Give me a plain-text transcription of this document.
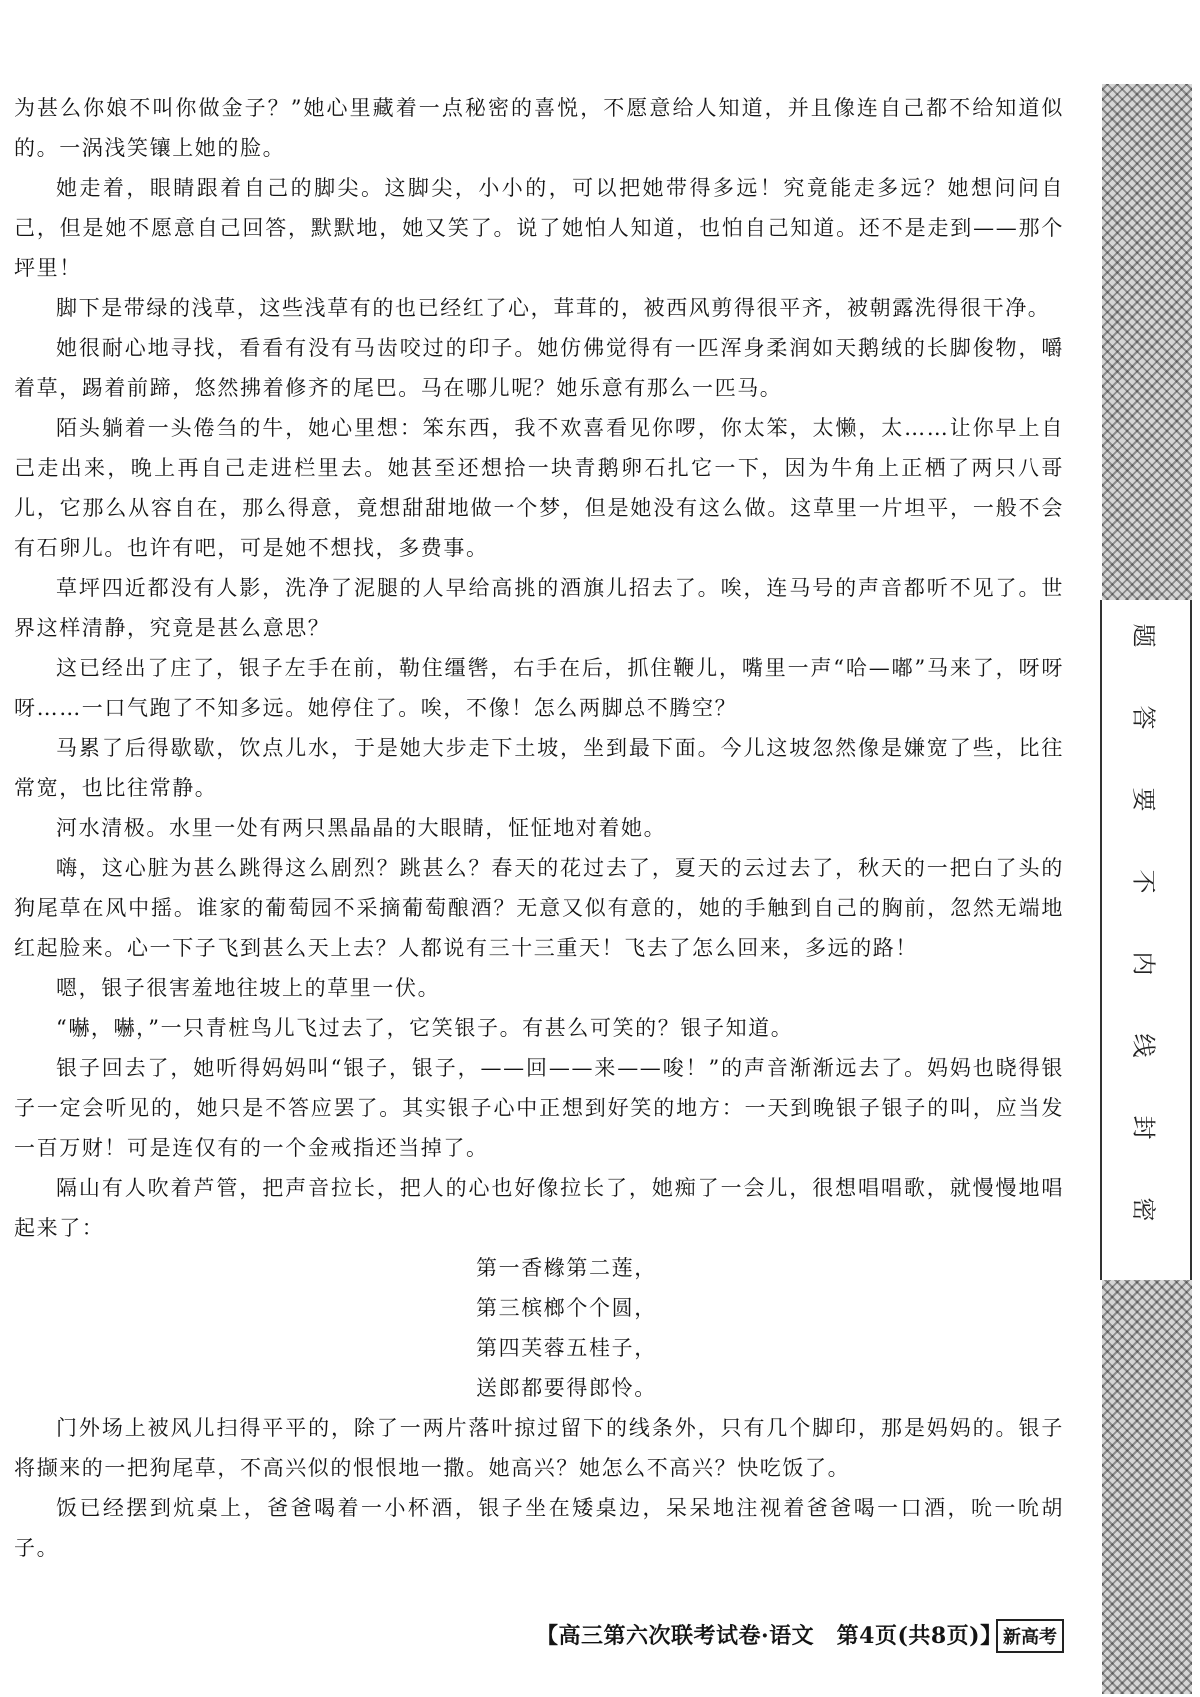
为甚么你娘不叫你做金子？”她心里藏着一点秘密的喜悦，不愿意给人知道，并且像连自己都不给知道似的。一涡浅笑镶上她的脸。

她走着，眼睛跟着自己的脚尖。这脚尖，小小的，可以把她带得多远！究竟能走多远？她想问问自己，但是她不愿意自己回答，默默地，她又笑了。说了她怕人知道，也怕自己知道。还不是走到——那个坪里！

脚下是带绿的浅草，这些浅草有的也已经红了心，茸茸的，被西风剪得很平齐，被朝露洗得很干净。

她很耐心地寻找，看看有没有马齿咬过的印子。她仿佛觉得有一匹浑身柔润如天鹅绒的长脚俊物，嚼着草，踢着前蹄，悠然拂着修齐的尾巴。马在哪儿呢？她乐意有那么一匹马。

陌头躺着一头倦刍的牛，她心里想：笨东西，我不欢喜看见你啰，你太笨，太懒，太……让你早上自己走出来，晚上再自己走进栏里去。她甚至还想拾一块青鹅卵石扎它一下，因为牛角上正栖了两只八哥儿，它那么从容自在，那么得意，竟想甜甜地做一个梦，但是她没有这么做。这草里一片坦平，一般不会有石卵儿。也许有吧，可是她不想找，多费事。

草坪四近都没有人影，洗净了泥腿的人早给高挑的酒旗儿招去了。唉，连马号的声音都听不见了。世界这样清静，究竟是甚么意思？

这已经出了庄了，银子左手在前，勒住缰辔，右手在后，抓住鞭儿，嘴里一声“哈—嘟”马来了，呀呀呀……一口气跑了不知多远。她停住了。唉，不像！怎么两脚总不腾空？

马累了后得歇歇，饮点儿水，于是她大步走下土坡，坐到最下面。今儿这坡忽然像是嫌宽了些，比往常宽，也比往常静。

河水清极。水里一处有两只黑晶晶的大眼睛，怔怔地对着她。

嗨，这心脏为甚么跳得这么剧烈？跳甚么？春天的花过去了，夏天的云过去了，秋天的一把白了头的狗尾草在风中摇。谁家的葡萄园不采摘葡萄酿酒？无意又似有意的，她的手触到自己的胸前，忽然无端地红起脸来。心一下子飞到甚么天上去？人都说有三十三重天！飞去了怎么回来，多远的路！

嗯，银子很害羞地往坡上的草里一伏。

“嚇，嚇，”一只青桩鸟儿飞过去了，它笑银子。有甚么可笑的？银子知道。

银子回去了，她听得妈妈叫“银子，银子，——回——来——唆！”的声音渐渐远去了。妈妈也晓得银子一定会听见的，她只是不答应罢了。其实银子心中正想到好笑的地方：一天到晚银子银子的叫，应当发一百万财！可是连仅有的一个金戒指还当掉了。

隔山有人吹着芦管，把声音拉长，把人的心也好像拉长了，她痴了一会儿，很想唱唱歌，就慢慢地唱起来了：

第一香橼第二莲，
第三槟榔个个圆，
第四芙蓉五桂子，
送郎都要得郎怜。

门外场上被风儿扫得平平的，除了一两片落叶掠过留下的线条外，只有几个脚印，那是妈妈的。银子将撷来的一把狗尾草，不高兴似的恨恨地一撒。她高兴？她怎么不高兴？快吃饭了。

饭已经摆到炕桌上，爸爸喝着一小杯酒，银子坐在矮桌边，呆呆地注视着爸爸喝一口酒，吮一吮胡子。

题
答
要
不
内
线
封
密
【高三第六次联考试卷·语文　第4页(共8页)】 新高考
